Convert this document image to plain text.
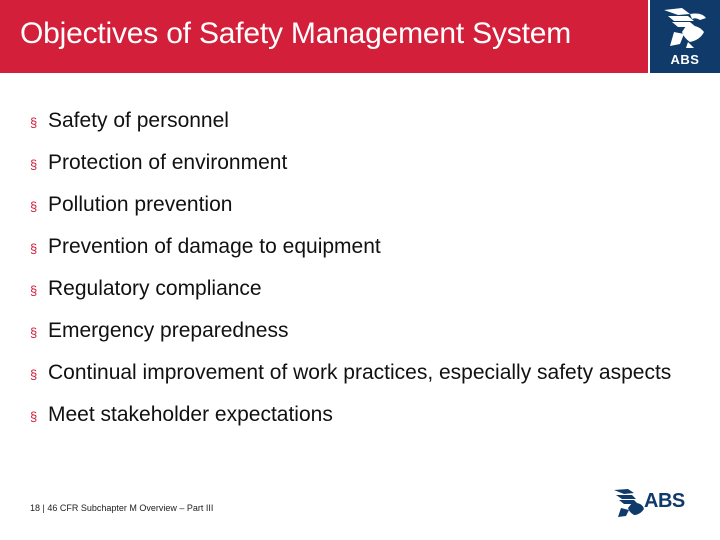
Objectives of Safety Management System
ABS
§ Safety of personnel
§ Protection of environment
§ Pollution prevention
§ Prevention of damage to equipment
§ Regulatory compliance
§ Emergency preparedness
§ Continual improvement of work practices, especially safety aspects
§ Meet stakeholder expectations
18 | 46 CFR Subchapter M Overview – Part III	ABS
